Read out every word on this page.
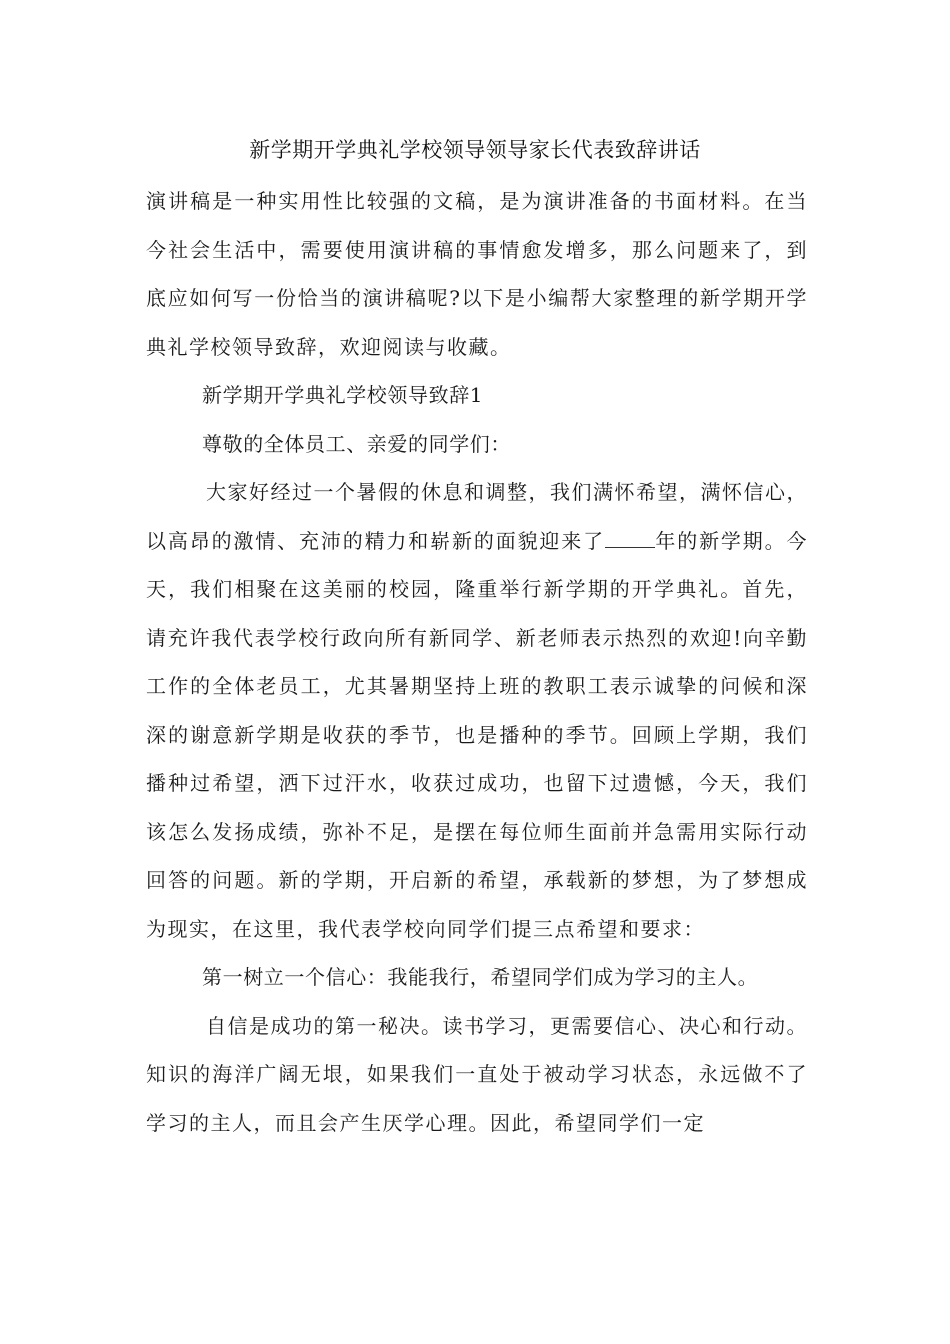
新学期开学典礼学校领导领导家长代表致辞讲话

演讲稿是一种实用性比较强的文稿，是为演讲准备的书面材料。在当今社会生活中，需要使用演讲稿的事情愈发增多，那么问题来了，到底应如何写一份恰当的演讲稿呢?以下是小编帮大家整理的新学期开学典礼学校领导致辞，欢迎阅读与收藏。

新学期开学典礼学校领导致辞1

尊敬的全体员工、亲爱的同学们：

大家好经过一个暑假的休息和调整，我们满怀希望，满怀信心，以高昂的激情、充沛的精力和崭新的面貌迎来了	年的新学期。今天，我们相聚在这美丽的校园，隆重举行新学期的开学典礼。首先，请充许我代表学校行政向所有新同学、新老师表示热烈的欢迎!向辛勤工作的全体老员工，尤其暑期坚持上班的教职工表示诚挚的问候和深深的谢意新学期是收获的季节，也是播种的季节。回顾上学期，我们播种过希望，洒下过汗水，收获过成功，也留下过遗憾，今天，我们该怎么发扬成绩，弥补不足，是摆在每位师生面前并急需用实际行动回答的问题。新的学期，开启新的希望，承载新的梦想，为了梦想成为现实，在这里，我代表学校向同学们提三点希望和要求：

第一树立一个信心：我能我行，希望同学们成为学习的主人。

自信是成功的第一秘决。读书学习，更需要信心、决心和行动。知识的海洋广阔无垠，如果我们一直处于被动学习状态，永远做不了学习的主人，而且会产生厌学心理。因此，希望同学们一定
